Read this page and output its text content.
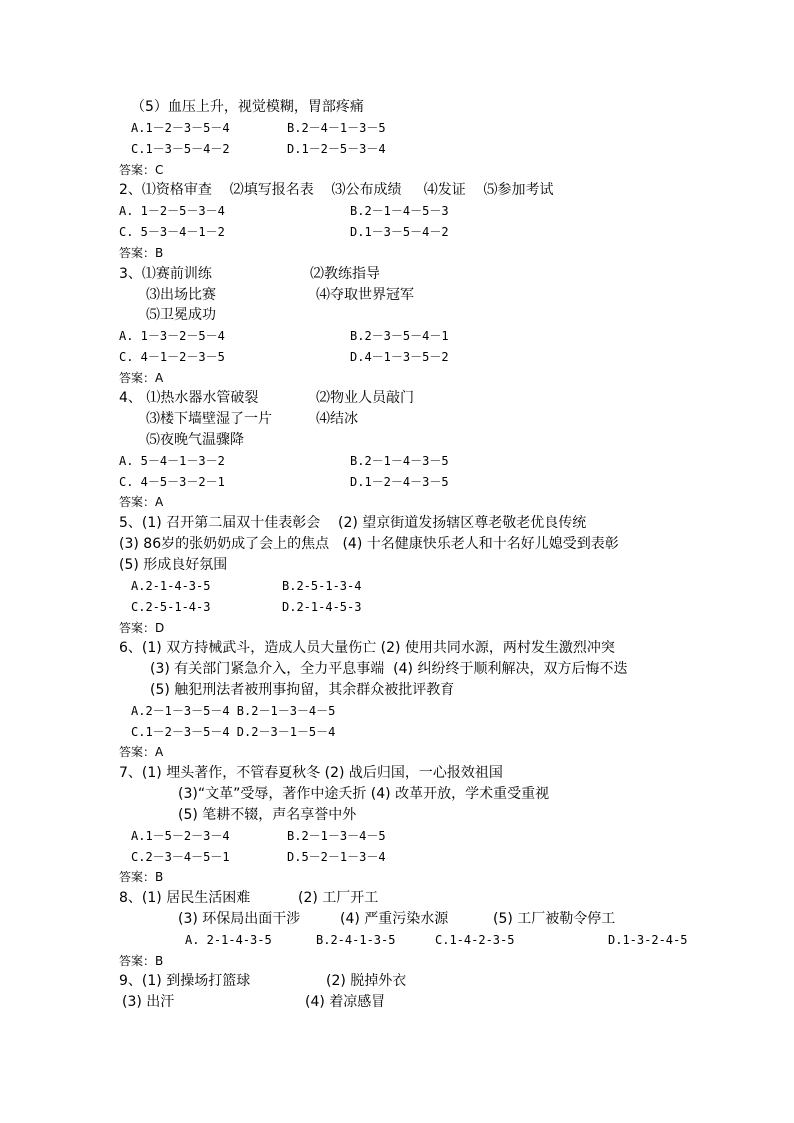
（5）血压上升，视觉模糊，胃部疼痛
A.1－2－3－5－4	B.2－4－1－3－5
C.1－3－5－4－2	D.1－2－5－3－4
答案：C
2、⑴资格审查    ⑵填写报名表    ⑶公布成绩     ⑷发证    ⑸参加考试
A. 1－2－5－3－4	B.2－1－4－5－3
C. 5－3－4－1－2	D.1－3－5－4－2
答案：B
3、⑴赛前训练	⑵教练指导
⑶出场比赛	⑷夺取世界冠军
⑸卫冕成功
A. 1－3－2－5－4	B.2－3－5－4－1
C. 4－1－2－3－5	D.4－1－3－5－2
答案：A
4、 ⑴热水器水管破裂	⑵物业人员敲门
⑶楼下墙壁湿了一片	⑷结冰
⑸夜晚气温骤降
A. 5－4－1－3－2	B.2－1－4－3－5
C. 4－5－3－2－1	D.1－2－4－3－5
答案：A
5、(1) 召开第二届双十佳表彰会    (2) 望京街道发扬辖区尊老敬老优良传统
(3) 86岁的张奶奶成了会上的焦点   (4) 十名健康快乐老人和十名好儿媳受到表彰
(5) 形成良好氛围
A.2-1-4-3-5	B.2-5-1-3-4
C.2-5-1-4-3	D.2-1-4-5-3
答案：D
6、(1) 双方持械武斗，造成人员大量伤亡 (2) 使用共同水源，两村发生激烈冲突
(3) 有关部门紧急介入，全力平息事端  (4) 纠纷终于顺利解决，双方后悔不迭
(5) 触犯刑法者被刑事拘留，其余群众被批评教育
A.2－1－3－5－4 B.2－1－3－4－5
C.1－2－3－5－4 D.2－3－1－5－4
答案：A
7、(1) 埋头著作，不管春夏秋冬 (2) 战后归国，一心报效祖国
(3)“文革”受辱，著作中途夭折 (4) 改革开放，学术重受重视
(5) 笔耕不辍，声名享誉中外
A.1－5－2－3－4	B.2－1－3－4－5
C.2－3－4－5－1	D.5－2－1－3－4
答案：B
8、(1) 居民生活困难	(2) 工厂开工
(3) 环保局出面干涉	(4) 严重污染水源	(5) 工厂被勒令停工
A. 2-1-4-3-5	B.2-4-1-3-5	C.1-4-2-3-5	D.1-3-2-4-5
答案：B
9、(1) 到操场打篮球	(2) 脱掉外衣
(3) 出汗	(4) 着凉感冒
